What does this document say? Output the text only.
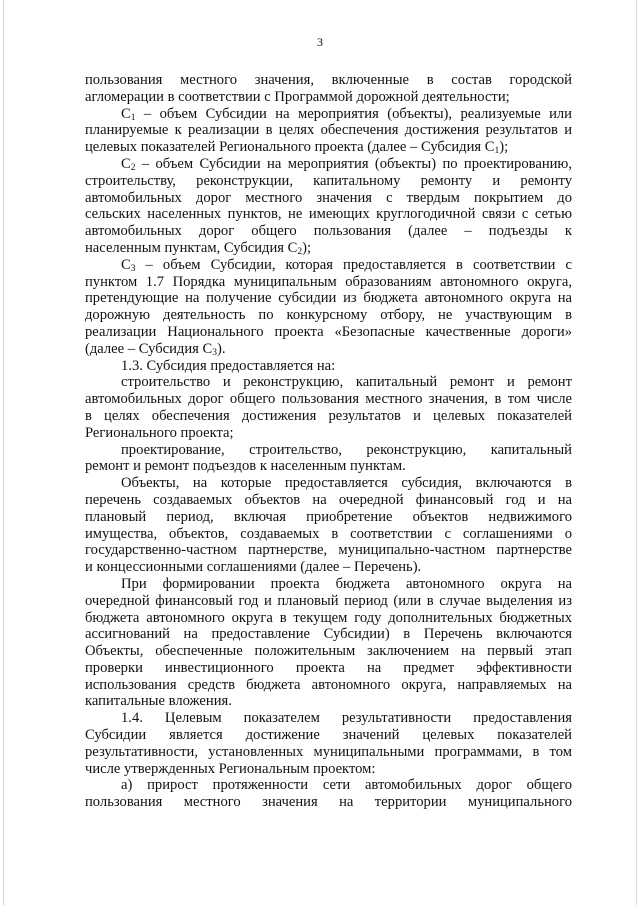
3
пользования местного значения, включенные в состав городской
агломерации в соответствии с Программой дорожной деятельности;
$C_1$ – объем Субсидии на мероприятия (объекты), реализуемые или
планируемые к реализации в целях обеспечения достижения результатов и
целевых показателей Регионального проекта (далее – Субсидия $C_1$);
$C_2$ – объем Субсидии на мероприятия (объекты) по проектированию,
строительству, реконструкции, капитальному ремонту и ремонту
автомобильных дорог местного значения с твердым покрытием до
сельских населенных пунктов, не имеющих круглогодичной связи с сетью
автомобильных дорог общего пользования (далее – подъезды к
населенным пунктам, Субсидия $C_2$);
$C_3$ – объем Субсидии, которая предоставляется в соответствии с
пунктом 1.7 Порядка муниципальным образованиям автономного округа,
претендующие на получение субсидии из бюджета автономного округа на
дорожную деятельность по конкурсному отбору, не участвующим в
реализации Национального проекта «Безопасные качественные дороги»
(далее – Субсидия $C_3$).
1.3. Субсидия предоставляется на:
строительство и реконструкцию, капитальный ремонт и ремонт
автомобильных дорог общего пользования местного значения, в том числе
в целях обеспечения достижения результатов и целевых показателей
Регионального проекта;
проектирование, строительство, реконструкцию, капитальный
ремонт и ремонт подъездов к населенным пунктам.
Объекты, на которые предоставляется субсидия, включаются в
перечень создаваемых объектов на очередной финансовый год и на
плановый период, включая приобретение объектов недвижимого
имущества, объектов, создаваемых в соответствии с соглашениями о
государственно-частном партнерстве, муниципально-частном партнерстве
и концессионными соглашениями (далее – Перечень).
При формировании проекта бюджета автономного округа на
очередной финансовый год и плановый период (или в случае выделения из
бюджета автономного округа в текущем году дополнительных бюджетных
ассигнований на предоставление Субсидии) в Перечень включаются
Объекты, обеспеченные положительным заключением на первый этап
проверки инвестиционного проекта на предмет эффективности
использования средств бюджета автономного округа, направляемых на
капитальные вложения.
1.4. Целевым показателем результативности предоставления
Субсидии является достижение значений целевых показателей
результативности, установленных муниципальными программами, в том
числе утвержденных Региональным проектом:
а) прирост протяженности сети автомобильных дорог общего
пользования местного значения на территории муниципального
